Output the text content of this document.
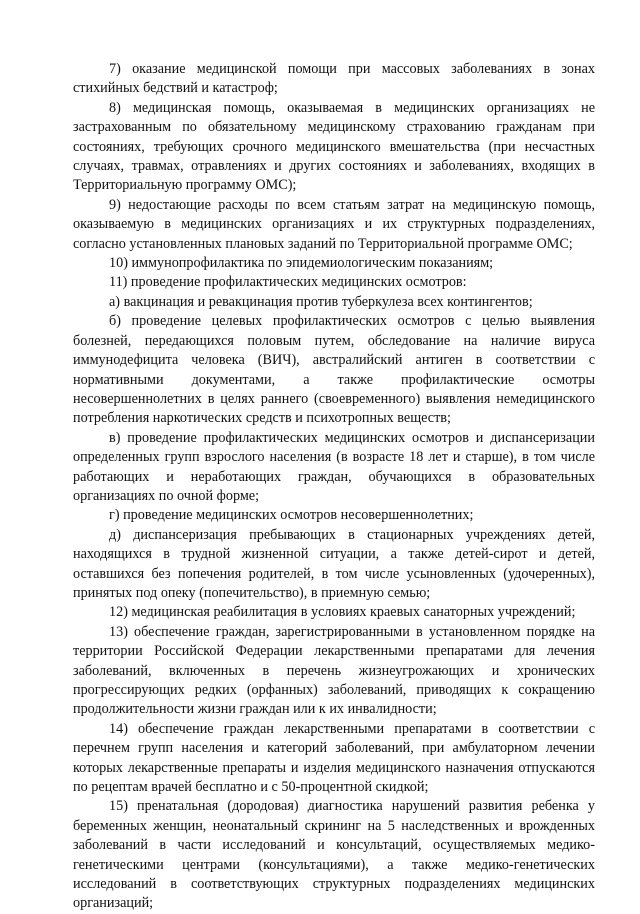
7) оказание медицинской помощи при массовых заболеваниях в зонах стихийных бедствий и катастроф;

8) медицинская помощь, оказываемая в медицинских организациях не застрахованным по обязательному медицинскому страхованию гражданам при состояниях, требующих срочного медицинского вмешательства (при несчастных случаях, травмах, отравлениях и других состояниях и заболеваниях, входящих в Территориальную программу ОМС);

9) недостающие расходы по всем статьям затрат на медицинскую помощь, оказываемую в медицинских организациях и их структурных подразделениях, согласно установленных плановых заданий по Территориальной программе ОМС;

10) иммунопрофилактика по эпидемиологическим показаниям;

11) проведение профилактических медицинских осмотров:

а) вакцинация и ревакцинация против туберкулеза всех контингентов;

б) проведение целевых профилактических осмотров с целью выявления болезней, передающихся половым путем, обследование на наличие вируса иммунодефицита человека (ВИЧ), австралийский антиген в соответствии с нормативными документами, а также профилактические осмотры несовершеннолетних в целях раннего (своевременного) выявления немедицинского потребления наркотических средств и психотропных веществ;

в) проведение профилактических медицинских осмотров и диспансеризации определенных групп взрослого населения (в возрасте 18 лет и старше), в том числе работающих и неработающих граждан, обучающихся в образовательных организациях по очной форме;

г) проведение медицинских осмотров несовершеннолетних;

д) диспансеризация пребывающих в стационарных учреждениях детей, находящихся в трудной жизненной ситуации, а также детей-сирот и детей, оставшихся без попечения родителей, в том числе усыновленных (удочеренных), принятых под опеку (попечительство), в приемную семью;

12) медицинская реабилитация в условиях краевых санаторных учреждений;

13) обеспечение граждан, зарегистрированными в установленном порядке на территории Российской Федерации лекарственными препаратами для лечения заболеваний, включенных в перечень жизнеугрожающих и хронических прогрессирующих редких (орфанных) заболеваний, приводящих к сокращению продолжительности жизни граждан или к их инвалидности;

14) обеспечение граждан лекарственными препаратами в соответствии с перечнем групп населения и категорий заболеваний, при амбулаторном лечении которых лекарственные препараты и изделия медицинского назначения отпускаются по рецептам врачей бесплатно и с 50-процентной скидкой;

15) пренатальная (дородовая) диагностика нарушений развития ребенка у беременных женщин, неонатальный скрининг на 5 наследственных и врожденных заболеваний в части исследований и консультаций, осуществляемых медико-генетическими центрами (консультациями), а также медико-генетических исследований в соответствующих структурных подразделениях медицинских организаций;
